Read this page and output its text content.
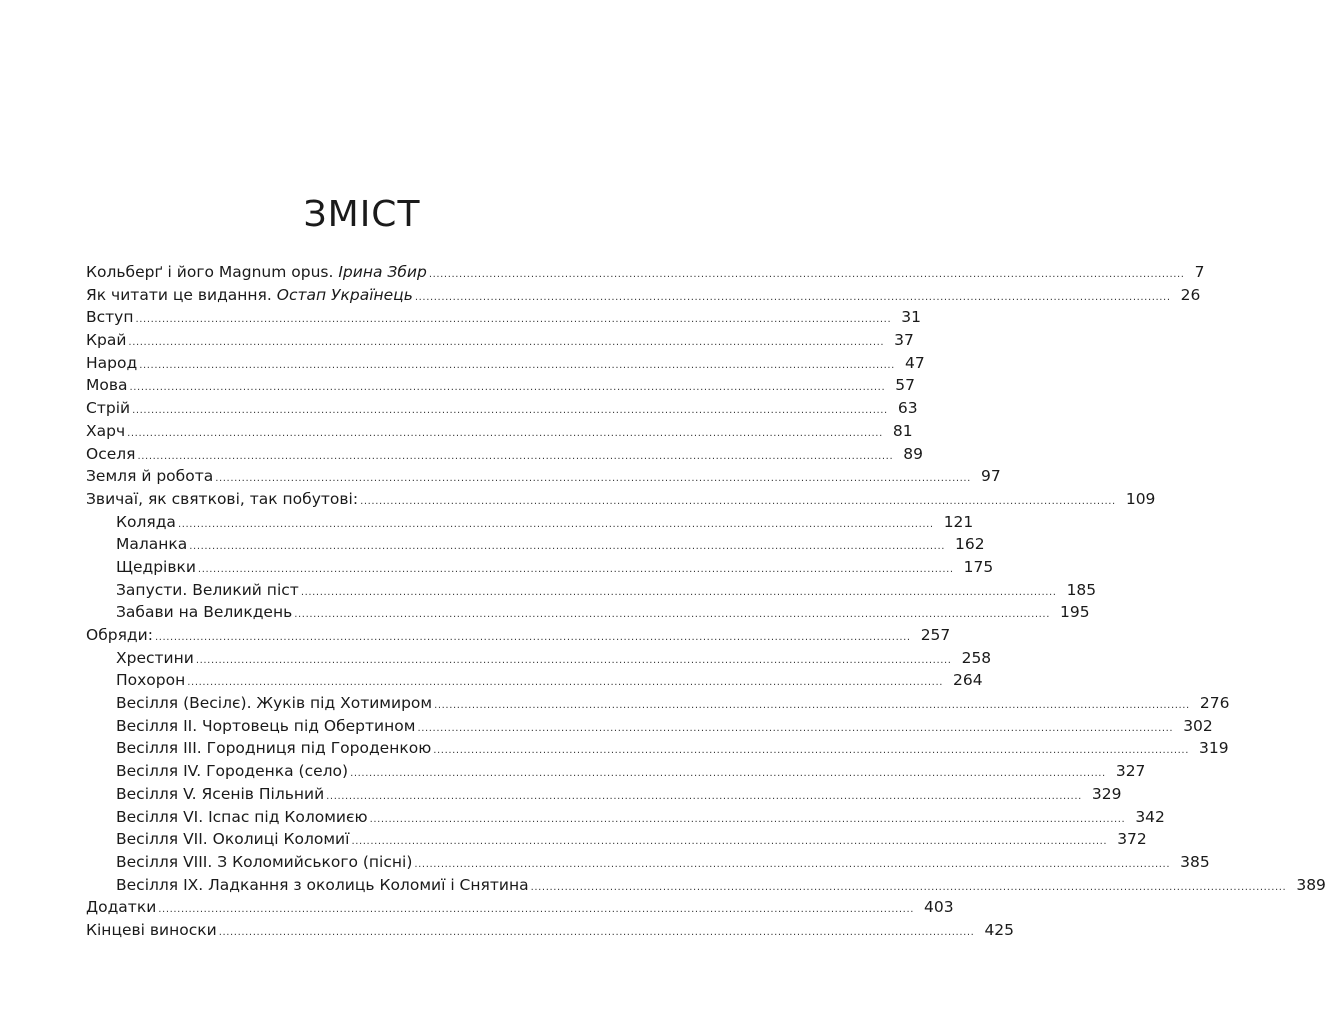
ЗМІСТ
Кольберґ і його Magnum opus. Ірина Збир ........................................................................................................................................................................................................ 7
Як читати це видання. Остап Українець ........................................................................................................................................................................................................ 26
Вступ ........................................................................................................................................................................................................ 31
Край ........................................................................................................................................................................................................ 37
Народ ........................................................................................................................................................................................................ 47
Мова ........................................................................................................................................................................................................ 57
Стрій ........................................................................................................................................................................................................ 63
Харч ........................................................................................................................................................................................................ 81
Оселя ........................................................................................................................................................................................................ 89
Земля й робота ........................................................................................................................................................................................................ 97
Звичаї, як святкові, так побутові: ........................................................................................................................................................................................................ 109
Коляда ........................................................................................................................................................................................................ 121
Маланка ........................................................................................................................................................................................................ 162
Щедрівки ........................................................................................................................................................................................................ 175
Запусти. Великий піст ........................................................................................................................................................................................................ 185
Забави на Великдень ........................................................................................................................................................................................................ 195
Обряди: ........................................................................................................................................................................................................ 257
Хрестини ........................................................................................................................................................................................................ 258
Похорон ........................................................................................................................................................................................................ 264
Весілля (Весілє). Жуків під Хотимиром ........................................................................................................................................................................................................ 276
Весілля ІІ. Чортовець під Обертином ........................................................................................................................................................................................................ 302
Весілля ІІІ. Городниця під Городенкою ........................................................................................................................................................................................................ 319
Весілля IV. Городенка (село) ........................................................................................................................................................................................................ 327
Весілля V. Ясенів Пільний ........................................................................................................................................................................................................ 329
Весілля VI. Іспас під Коломиєю ........................................................................................................................................................................................................ 342
Весілля VII. Околиці Коломиї ........................................................................................................................................................................................................ 372
Весілля VIII. З Коломийського (пісні) ........................................................................................................................................................................................................ 385
Весілля IX. Ладкання з околиць Коломиї і Снятина ........................................................................................................................................................................................................ 389
Додатки ........................................................................................................................................................................................................ 403
Кінцеві виноски ........................................................................................................................................................................................................ 425
